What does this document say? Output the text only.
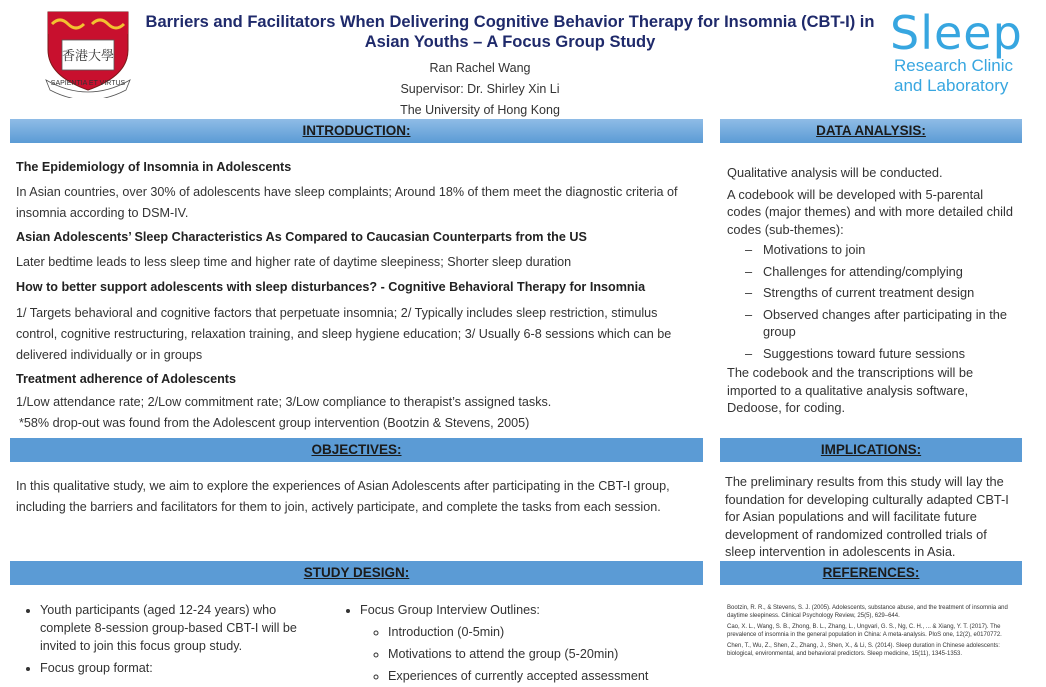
香港大學
SAPIENTIA ET VIRTUS
Barriers and Facilitators When Delivering Cognitive Behavior Therapy for Insomnia (CBT-I) in Asian Youths – A Focus Group Study
Ran Rachel Wang
Supervisor: Dr. Shirley Xin Li
The University of Hong Kong
Sleep
Research Clinic
and Laboratory
INTRODUCTION:

The Epidemiology of Insomnia in Adolescents

In Asian countries, over 30% of adolescents have sleep complaints; Around 18% of them meet the diagnostic criteria of insomnia according to DSM-IV.

Asian Adolescents’ Sleep Characteristics As Compared to Caucasian Counterparts from the US

Later bedtime leads to less sleep time and higher rate of daytime sleepiness; Shorter sleep duration

How to better support adolescents with sleep disturbances? - Cognitive Behavioral Therapy for Insomnia

1/ Targets behavioral and cognitive factors that perpetuate insomnia; 2/ Typically includes sleep restriction, stimulus control, cognitive restructuring, relaxation training, and sleep hygiene education; 3/ Usually 6-8 sessions which can be delivered individually or in groups

Treatment adherence of Adolescents

1/Low attendance rate; 2/Low commitment rate; 3/Low compliance to therapist’s assigned tasks.

*58% drop-out was found from the Adolescent group intervention (Bootzin & Stevens, 2005)

OBJECTIVES:

In this qualitative study, we aim to explore the experiences of Asian Adolescents after participating in the CBT-I group, including the barriers and facilitators for them to join, actively participate, and complete the tasks from each session.

STUDY DESIGN:
• Youth participants (aged 12-24 years) who complete 8-session group-based CBT-I will be invited to join this focus group study.
• Focus group format:
• Focus Group Interview Outlines:
◦ Introduction (0-5min)
◦ Motivations to attend the group (5-20min)
◦ Experiences of currently accepted assessment
DATA ANALYSIS:

Qualitative analysis will be conducted.

A codebook will be developed with 5-parental codes (major themes) and with more detailed child codes (sub-themes):

– Motivations to join
– Challenges for attending/complying
– Strengths of current treatment design
– Observed changes after participating in the group
– Suggestions toward future sessions

The codebook and the transcriptions will be imported to a qualitative analysis software, Dedoose, for coding.

IMPLICATIONS:

The preliminary results from this study will lay the foundation for developing culturally adapted CBT-I for Asian populations and will facilitate future development of randomized controlled trials of sleep intervention in adolescents in Asia.

REFERENCES:

Bootzin, R. R., & Stevens, S. J. (2005). Adolescents, substance abuse, and the treatment of insomnia and daytime sleepiness. Clinical Psychology Review, 25(5), 629–644.

Cao, X. L., Wang, S. B., Zhong, B. L., Zhang, L., Ungvari, G. S., Ng, C. H., ... & Xiang, Y. T. (2017). The prevalence of insomnia in the general population in China: A meta-analysis. PloS one, 12(2), e0170772.

Chen, T., Wu, Z., Shen, Z., Zhang, J., Shen, X., & Li, S. (2014). Sleep duration in Chinese adolescents: biological, environmental, and behavioral predictors. Sleep medicine, 15(11), 1345-1353.
